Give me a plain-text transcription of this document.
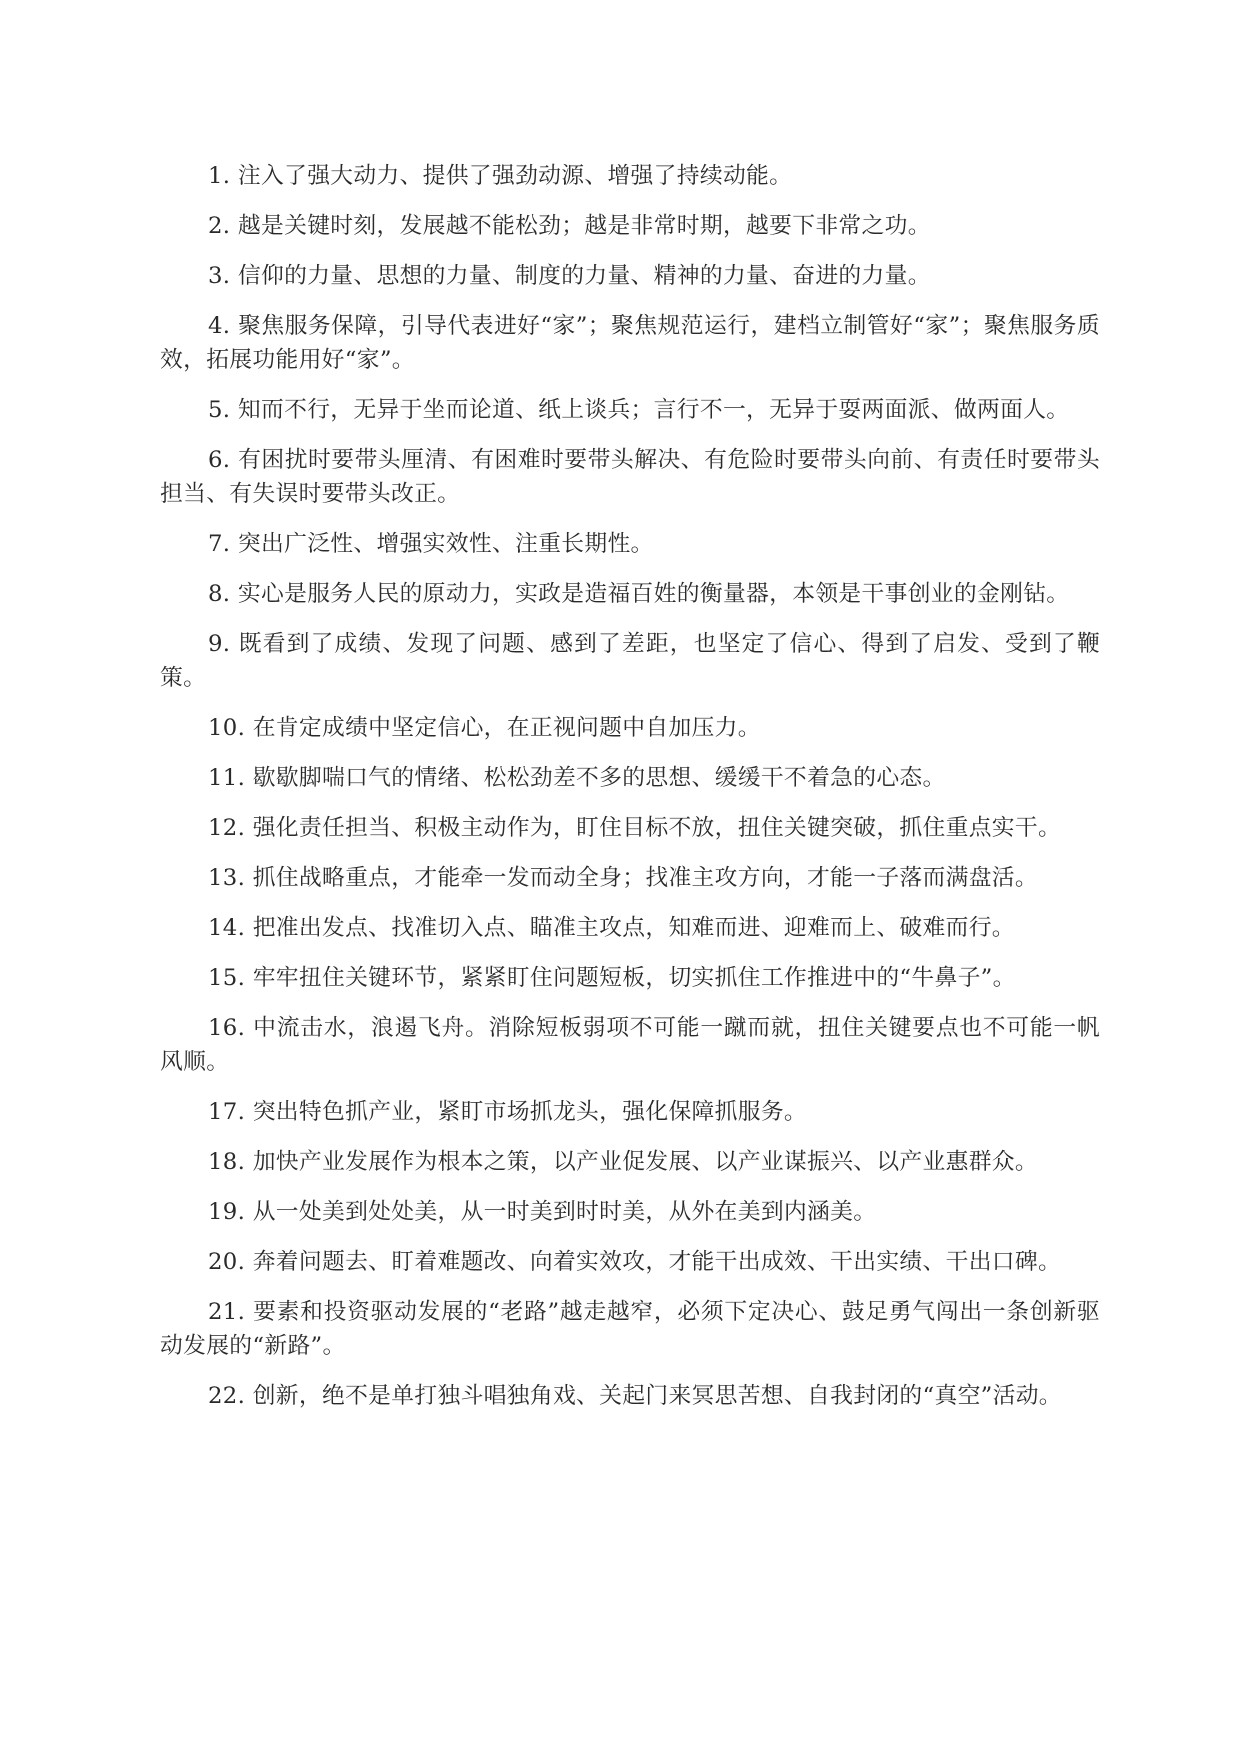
1. 注入了强大动力、提供了强劲动源、增强了持续动能。

2. 越是关键时刻，发展越不能松劲；越是非常时期，越要下非常之功。

3. 信仰的力量、思想的力量、制度的力量、精神的力量、奋进的力量。

4. 聚焦服务保障，引导代表进好“家”；聚焦规范运行，建档立制管好“家”；聚焦服务质效，拓展功能用好“家”。

5. 知而不行，无异于坐而论道、纸上谈兵；言行不一，无异于耍两面派、做两面人。

6. 有困扰时要带头厘清、有困难时要带头解决、有危险时要带头向前、有责任时要带头担当、有失误时要带头改正。

7. 突出广泛性、增强实效性、注重长期性。

8. 实心是服务人民的原动力，实政是造福百姓的衡量器，本领是干事创业的金刚钻。

9. 既看到了成绩、发现了问题、感到了差距，也坚定了信心、得到了启发、受到了鞭策。

10. 在肯定成绩中坚定信心，在正视问题中自加压力。

11. 歇歇脚喘口气的情绪、松松劲差不多的思想、缓缓干不着急的心态。

12. 强化责任担当、积极主动作为，盯住目标不放，扭住关键突破，抓住重点实干。

13. 抓住战略重点，才能牵一发而动全身；找准主攻方向，才能一子落而满盘活。

14. 把准出发点、找准切入点、瞄准主攻点，知难而进、迎难而上、破难而行。

15. 牢牢扭住关键环节，紧紧盯住问题短板，切实抓住工作推进中的“牛鼻子”。

16. 中流击水，浪遏飞舟。消除短板弱项不可能一蹴而就，扭住关键要点也不可能一帆风顺。

17. 突出特色抓产业，紧盯市场抓龙头，强化保障抓服务。

18. 加快产业发展作为根本之策，以产业促发展、以产业谋振兴、以产业惠群众。

19. 从一处美到处处美，从一时美到时时美，从外在美到内涵美。

20. 奔着问题去、盯着难题改、向着实效攻，才能干出成效、干出实绩、干出口碑。

21. 要素和投资驱动发展的“老路”越走越窄，必须下定决心、鼓足勇气闯出一条创新驱动发展的“新路”。

22. 创新，绝不是单打独斗唱独角戏、关起门来冥思苦想、自我封闭的“真空”活动。
